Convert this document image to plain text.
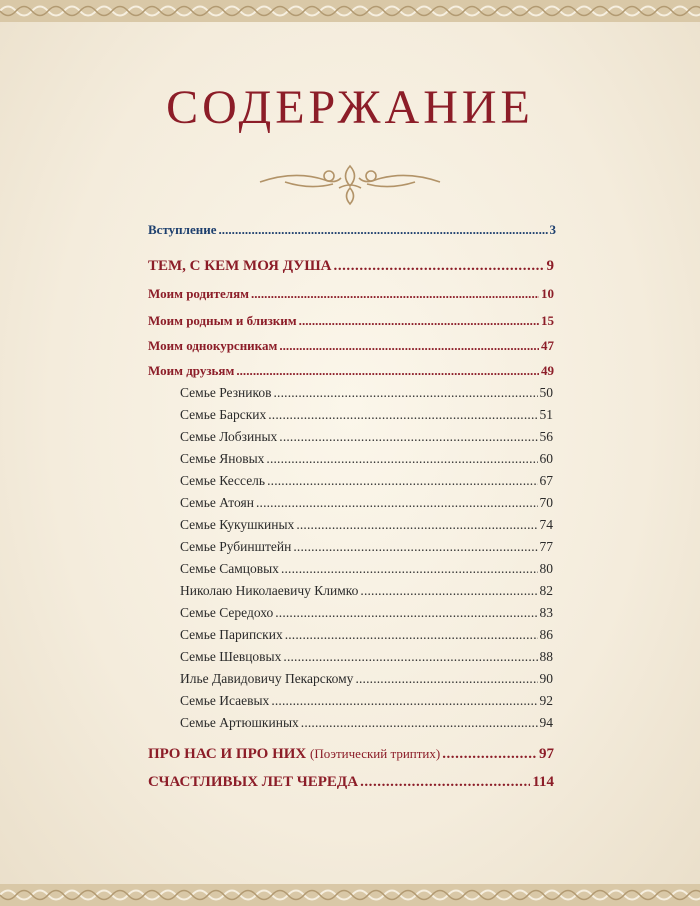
СОДЕРЖАНИЕ
Вступление . . .	3
ТЕМ, С КЕМ МОЯ ДУША . . .	9
Моим родителям . . .	10
Моим родным и близким . . .	15
Моим однокурсникам . . .	47
Моим друзьям . . .	49
Семье Резников . . .	50
Семье Барских . . .	51
Семье Лобзиных . . .	56
Семье Яновых . . .	60
Семье Кессель . . .	67
Семье Атоян . . .	70
Семье Кукушкиных . . .	74
Семье Рубинштейн . . .	77
Семье Самцовых . . .	80
Николаю Николаевичу Климко . . .	82
Семье Середохо . . .	83
Семье Парипских . . .	86
Семье Шевцовых . . .	88
Илье Давидовичу Пекарскому . . .	90
Семье Исаевых . . .	92
Семье Артюшкиных . . .	94
ПРО НАС И ПРО НИХ (Поэтический триптих) . . .	97
СЧАСТЛИВЫХ ЛЕТ ЧЕРЕДА . . .	114
